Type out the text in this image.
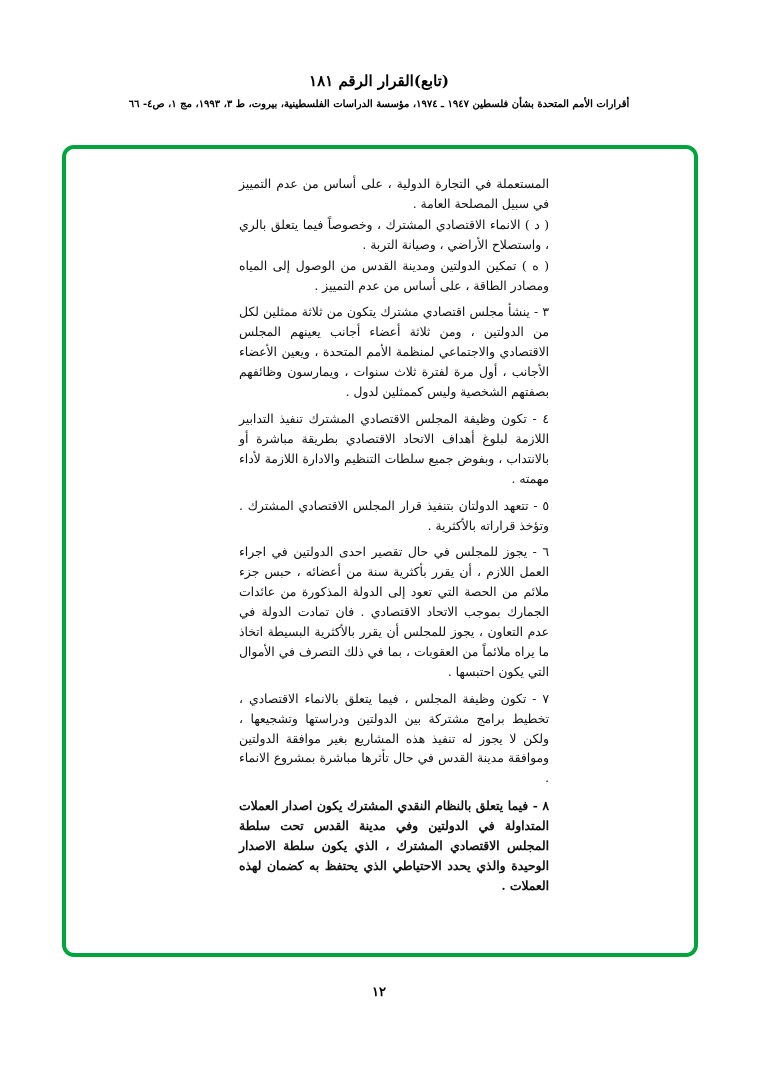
(تابع)القرار الرقم ١٨١
أقرارات الأمم المتحدة بشأن فلسطين ١٩٤٧ ـ ١٩٧٤، مؤسسة الدراسات الفلسطينية، بيروت، ط ٣، ١٩٩٣، مج ١، ص٤- ٦٦

المستعملة في التجارة الدولية ، على أساس من عدم التمييز في سبيل المصلحة العامة .

( د ) الانماء الاقتصادي المشترك ، وخصوصاً فيما يتعلق بالري ، واستصلاح الأراضي ، وصيانة التربة .

( ه ) تمكين الدولتين ومدينة القدس من الوصول إلى المياه ومصادر الطاقة ، على أساس من عدم التمييز .

٣ - ينشأ مجلس اقتصادي مشترك يتكون من ثلاثة ممثلين لكل من الدولتين ، ومن ثلاثة أعضاء أجانب يعينهم المجلس الاقتصادي والاجتماعي لمنظمة الأمم المتحدة ، ويعين الأعضاء الأجانب ، أول مرة لفترة ثلاث سنوات ، ويمارسون وظائفهم بصفتهم الشخصية وليس كممثلين لدول .

٤ - تكون وظيفة المجلس الاقتصادي المشترك تنفيذ التدابير اللازمة لبلوغ أهداف الاتحاد الاقتصادي بطريقة مباشرة أو بالانتداب ، وبفوض جميع سلطات التنظيم والادارة اللازمة لأداء مهمته .

٥ - تتعهد الدولتان بتنفيذ قرار المجلس الاقتصادي المشترك . وتؤخذ قراراته بالأكثرية .

٦ - يجوز للمجلس في حال تقصير احدى الدولتين في اجراء العمل اللازم ، أن يقرر بأكثرية سنة من أعضائه ، حبس جزء ملائم من الحصة التي تعود إلى الدولة المذكورة من عائدات الجمارك بموجب الاتحاد الاقتصادي . فان تمادت الدولة في عدم التعاون ، يجوز للمجلس أن يقرر بالأكثرية البسيطة اتخاذ ما يراه ملائماً من العقوبات ، بما في ذلك التصرف في الأموال التي يكون احتبسها .

٧ - تكون وظيفة المجلس ، فيما يتعلق بالانماء الاقتصادي ، تخطيط برامج مشتركة بين الدولتين ودراستها وتشجيعها ، ولكن لا يجوز له تنفيذ هذه المشاريع بغير موافقة الدولتين وموافقة مدينة القدس في حال تأثرها مباشرة بمشروع الانماء .

٨ - فيما يتعلق بالنظام النقدي المشترك يكون اصدار العملات المتداولة في الدولتين وفي مدينة القدس تحت سلطة المجلس الاقتصادي المشترك ، الذي يكون سلطة الاصدار الوحيدة والذي يحدد الاحتياطي الذي يحتفظ به كضمان لهذه العملات .

١٢
